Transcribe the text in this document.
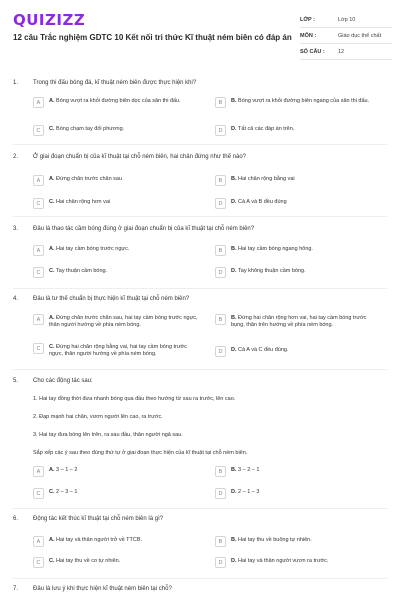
QUIZIZZ
12 câu Trắc nghiệm GDTC 10 Kết nối tri thức Kĩ thuật ném biên có đáp án
LỚP :	Lớp 10
MÔN :	Giáo dục thể chất
SỐ CÂU :	12
1. Trong thi đấu bóng đá, kĩ thuật ném biên được thực hiện khi?
A	A. Bóng vượt ra khỏi đường biên dọc của sân thi đấu.	B	B. Bóng vượt ra khỏi đường biên ngang của sân thi đấu.
C	C. Bóng chạm tay đối phương.	D	D. Tất cả các đáp án trên.
2. Ở giai đoạn chuẩn bị của kĩ thuật tại chỗ ném biên, hai chân đứng như thế nào?
A	A. Đứng chân trước chân sau	B	B. Hai chân rộng bằng vai
C	C. Hai chân rộng hơn vai	D	D. Cả A và B đều đúng
3. Đâu là thao tác cầm bóng đúng ở giai đoạn chuẩn bị của kĩ thuật tại chỗ ném biên?
A	A. Hai tay cầm bóng trước ngực.	B	B. Hai tay cầm bóng ngang hông.
C	C. Tay thuận cầm bóng.	D	D. Tay không thuận cầm bóng.
4. Đâu là tư thế chuẩn bị thực hiện kĩ thuật tại chỗ ném biên?
A	A. Đứng chân trước chân sau, hai tay cầm bóng trước ngực, thân người hướng về phía ném bóng.
B	B. Đứng hai chân rộng hơn vai, hai tay cầm bóng trước bụng, thân trên hướng về phía ném bóng.
C	C. Đứng hai chân rộng bằng vai, hai tay cầm bóng trước ngực, thân người hướng về phía ném bóng.	D	D. Cả A và C đều đúng.
5. Cho các động tác sau:
1. Hai tay đồng thời đưa nhanh bóng qua đầu theo hướng từ sau ra trước, lên cao.
2. Đạp mạnh hai chân, vươn người lên cao, ra trước.
3. Hai tay đưa bóng lên trên, ra sau đầu, thân người ngả sau.
Sắp xếp các ý sau theo đúng thứ tự ở giai đoạn thực hiện của kĩ thuật tại chỗ ném biên.
A	A. 3 – 1 – 2	B	B. 3 – 2 – 1
C	C. 2 – 3 – 1	D	D. 2 – 1 – 3
6. Động tác kết thúc kĩ thuật tại chỗ ném biên là gì?
A	A. Hai tay và thân người trở về TTCB.	B	B. Hai tay thu về buông tự nhiên.
C	C. Hai tay thu về co tự nhiên.	D	D. Hai tay và thân người vươn ra trước.
7. Đâu là lưu ý khi thực hiện kĩ thuật ném biên tại chỗ?
